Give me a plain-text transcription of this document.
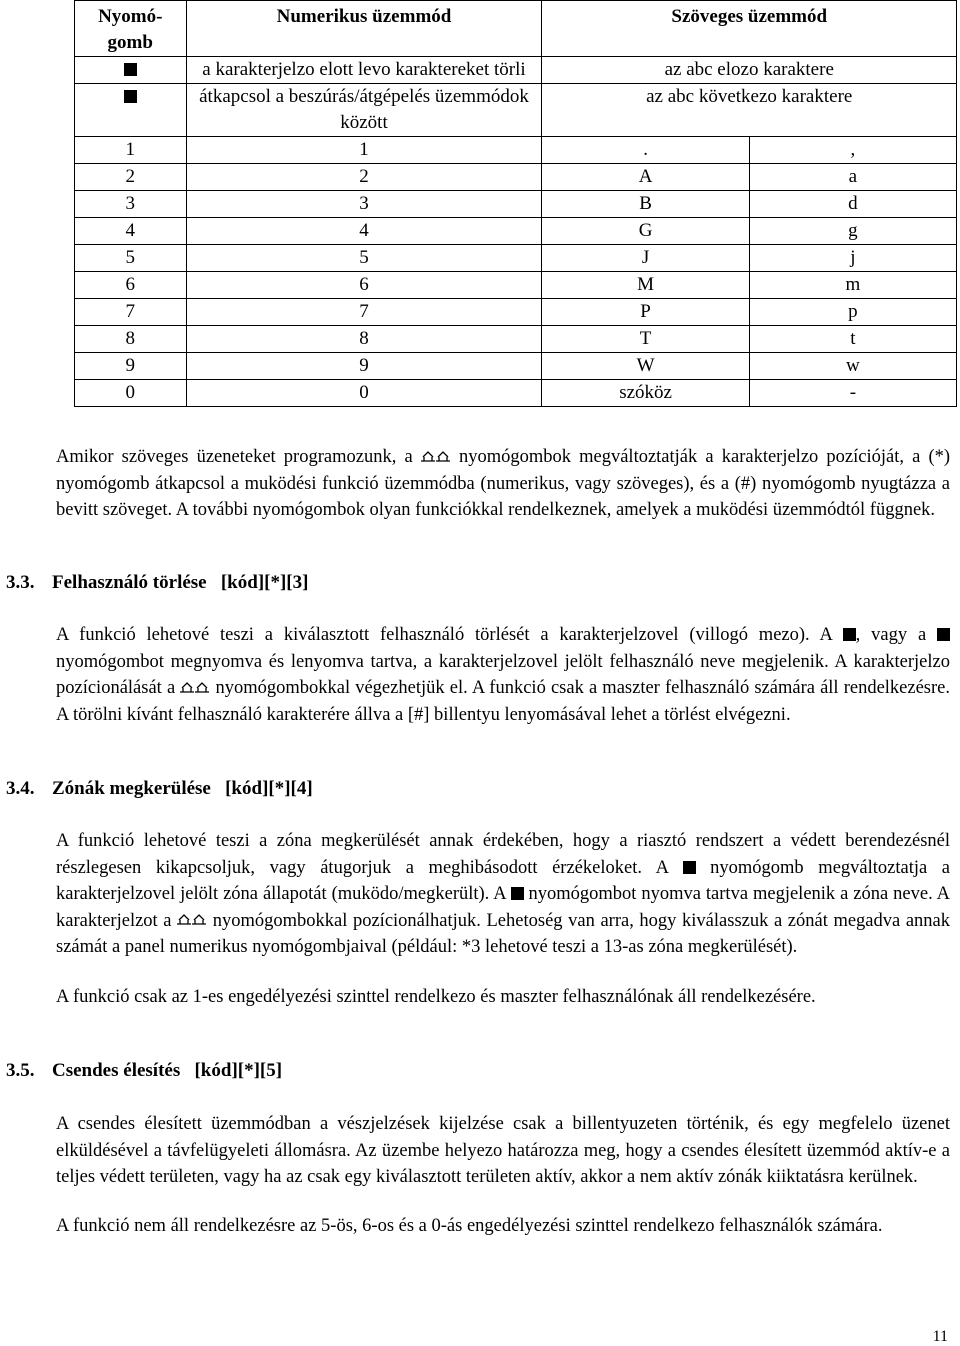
Nyomó-gomb	Numerikus üzemmód	Szöveges üzemmód	
	a karakterjelzo elott levo karaktereket törli	az abc elozo karaktere	
	átkapcsol a beszúrás/átgépelés üzemmódok között	az abc következo karaktere	
1	1	.	,
2	2	A	a
3	3	B	d
4	4	G	g
5	5	J	j
6	6	M	m
7	7	P	p
8	8	T	t
9	9	W	w
0	0	szóköz	-

Amikor szöveges üzeneteket programozunk, a	nyomógombok megváltoztatják a karakterjelzo pozícióját, a (*) nyomógomb átkapcsol a muködési funkció üzemmódba (numerikus, vagy szöveges), és a (#) nyomógomb nyugtázza a bevitt szöveget. A további nyomógombok olyan funkciókkal rendelkeznek, amelyek a muködési üzemmódtól függnek.

3.3. Felhasználó törlése [kód][*][3]

A funkció lehetové teszi a kiválasztott felhasználó törlését a karakterjelzovel (villogó mezo). A , vagy a  nyomógombot megnyomva és lenyomva tartva, a karakterjelzovel jelölt felhasználó neve megjelenik. A karakterjelzo pozícionálását a nyomógombokkal végezhetjük el. A funkció csak a maszter felhasználó számára áll rendelkezésre. A törölni kívánt felhasználó karakterére állva a [#] billentyu lenyomásával lehet a törlést elvégezni.

3.4. Zónák megkerülése [kód][*][4]

A funkció lehetové teszi a zóna megkerülését annak érdekében, hogy a riasztó rendszert a védett berendezésnél részlegesen kikapcsoljuk, vagy átugorjuk a meghibásodott érzékeloket. A nyomógomb megváltoztatja a karakterjelzovel jelölt zóna állapotát (muködo/megkerült). A nyomógombot nyomva tartva megjelenik a zóna neve. A karakterjelzot a nyomógombokkal pozícionálhatjuk. Lehetoség van arra, hogy kiválasszuk a zónát megadva annak számát a panel numerikus nyomógombjaival (például: *3 lehetové teszi a 13-as zóna megkerülését).

A funkció csak az 1-es engedélyezési szinttel rendelkezo és maszter felhasználónak áll rendelkezésére.

3.5. Csendes élesítés [kód][*][5]

A csendes élesített üzemmódban a vészjelzések kijelzése csak a billentyuzeten történik, és egy megfelelo üzenet elküldésével a távfelügyeleti állomásra. Az üzembe helyezo határozza meg, hogy a csendes élesített üzemmód aktív-e a teljes védett területen, vagy ha az csak egy kiválasztott területen aktív, akkor a nem aktív zónák kiiktatásra kerülnek.

A funkció nem áll rendelkezésre az 5-ös, 6-os és a 0-ás engedélyezési szinttel rendelkezo felhasználók számára.

11
